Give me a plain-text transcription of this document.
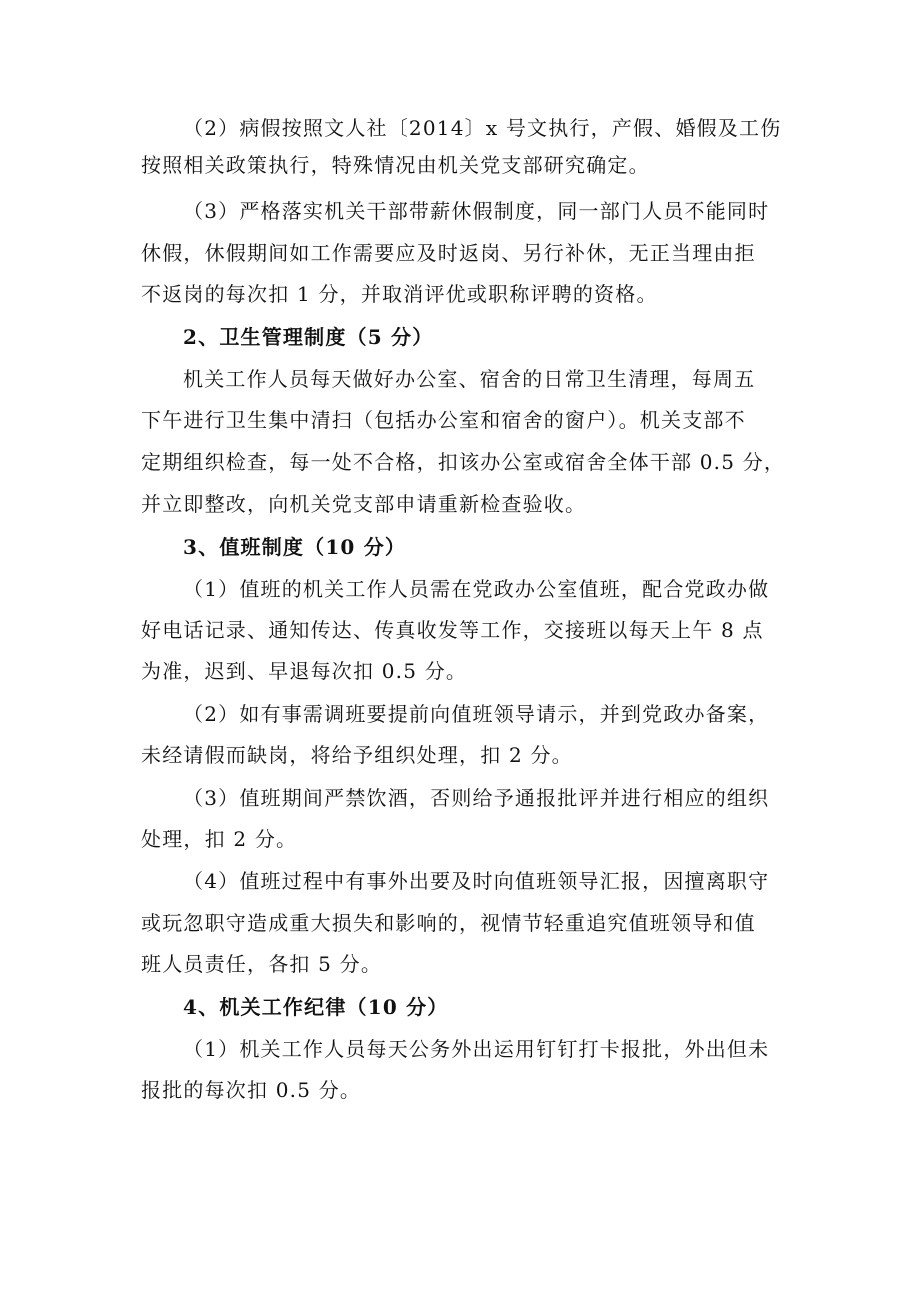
（2）病假按照文人社〔2014〕x 号文执行，产假、婚假及工伤
按照相关政策执行，特殊情况由机关党支部研究确定。
（3）严格落实机关干部带薪休假制度，同一部门人员不能同时
休假，休假期间如工作需要应及时返岗、另行补休，无正当理由拒
不返岗的每次扣 1 分，并取消评优或职称评聘的资格。
2、卫生管理制度（5 分）
机关工作人员每天做好办公室、宿舍的日常卫生清理，每周五
下午进行卫生集中清扫（包括办公室和宿舍的窗户）。机关支部不
定期组织检查，每一处不合格，扣该办公室或宿舍全体干部 0.5 分，
并立即整改，向机关党支部申请重新检查验收。
3、值班制度（10 分）
（1）值班的机关工作人员需在党政办公室值班，配合党政办做
好电话记录、通知传达、传真收发等工作，交接班以每天上午 8 点
为准，迟到、早退每次扣 0.5 分。
（2）如有事需调班要提前向值班领导请示，并到党政办备案，
未经请假而缺岗，将给予组织处理，扣 2 分。
（3）值班期间严禁饮酒，否则给予通报批评并进行相应的组织
处理，扣 2 分。
（4）值班过程中有事外出要及时向值班领导汇报，因擅离职守
或玩忽职守造成重大损失和影响的，视情节轻重追究值班领导和值
班人员责任，各扣 5 分。
4、机关工作纪律（10 分）
（1）机关工作人员每天公务外出运用钉钉打卡报批，外出但未
报批的每次扣 0.5 分。
